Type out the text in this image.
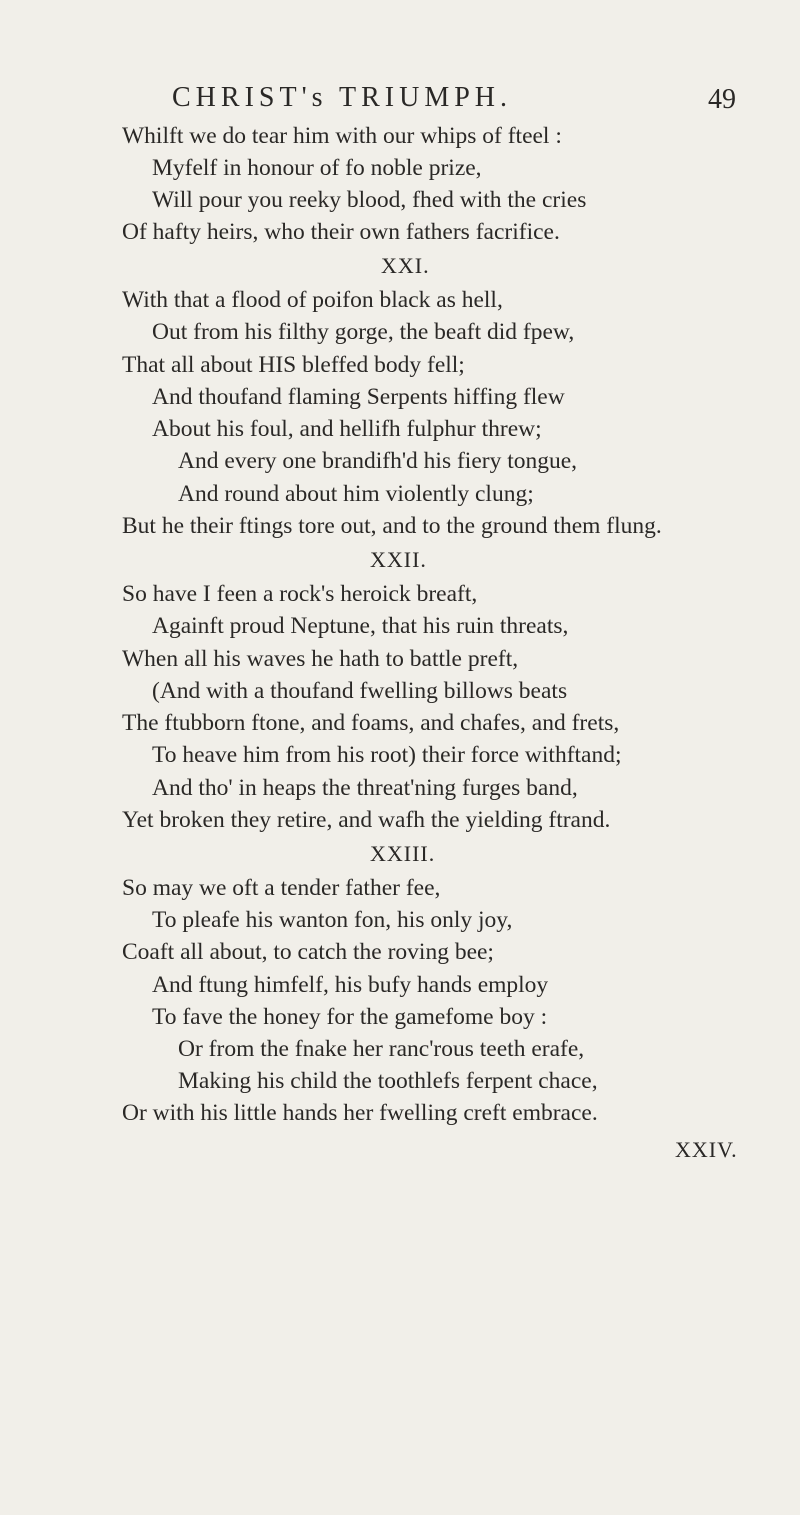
CHRIST's TRIUMPH.	49
Whilft we do tear him with our whips of fteel :
Myfelf in honour of fo noble prize,
Will pour you reeky blood, fhed with the cries
Of hafty heirs, who their own fathers facrifice.
XXI.
With that a flood of poifon black as hell,
Out from his filthy gorge, the beaft did fpew,
That all about HIS bleffed body fell;
And thoufand flaming Serpents hiffing flew
About his foul, and hellifh fulphur threw;
And every one brandifh'd his fiery tongue,
And round about him violently clung;
But he their ftings tore out, and to the ground them flung.
XXII.
So have I feen a rock's heroick breaft,
Againft proud Neptune, that his ruin threats,
When all his waves he hath to battle preft,
(And with a thoufand fwelling billows beats
The ftubborn ftone, and foams, and chafes, and frets,
To heave him from his root) their force withftand;
And tho' in heaps the threat'ning furges band,
Yet broken they retire, and wafh the yielding ftrand.
XXIII.
So may we oft a tender father fee,
To pleafe his wanton fon, his only joy,
Coaft all about, to catch the roving bee;
And ftung himfelf, his bufy hands employ
To fave the honey for the gamefome boy :
Or from the fnake her ranc'rous teeth erafe,
Making his child the toothlefs ferpent chace,
Or with his little hands her fwelling creft embrace.
XXIV.
